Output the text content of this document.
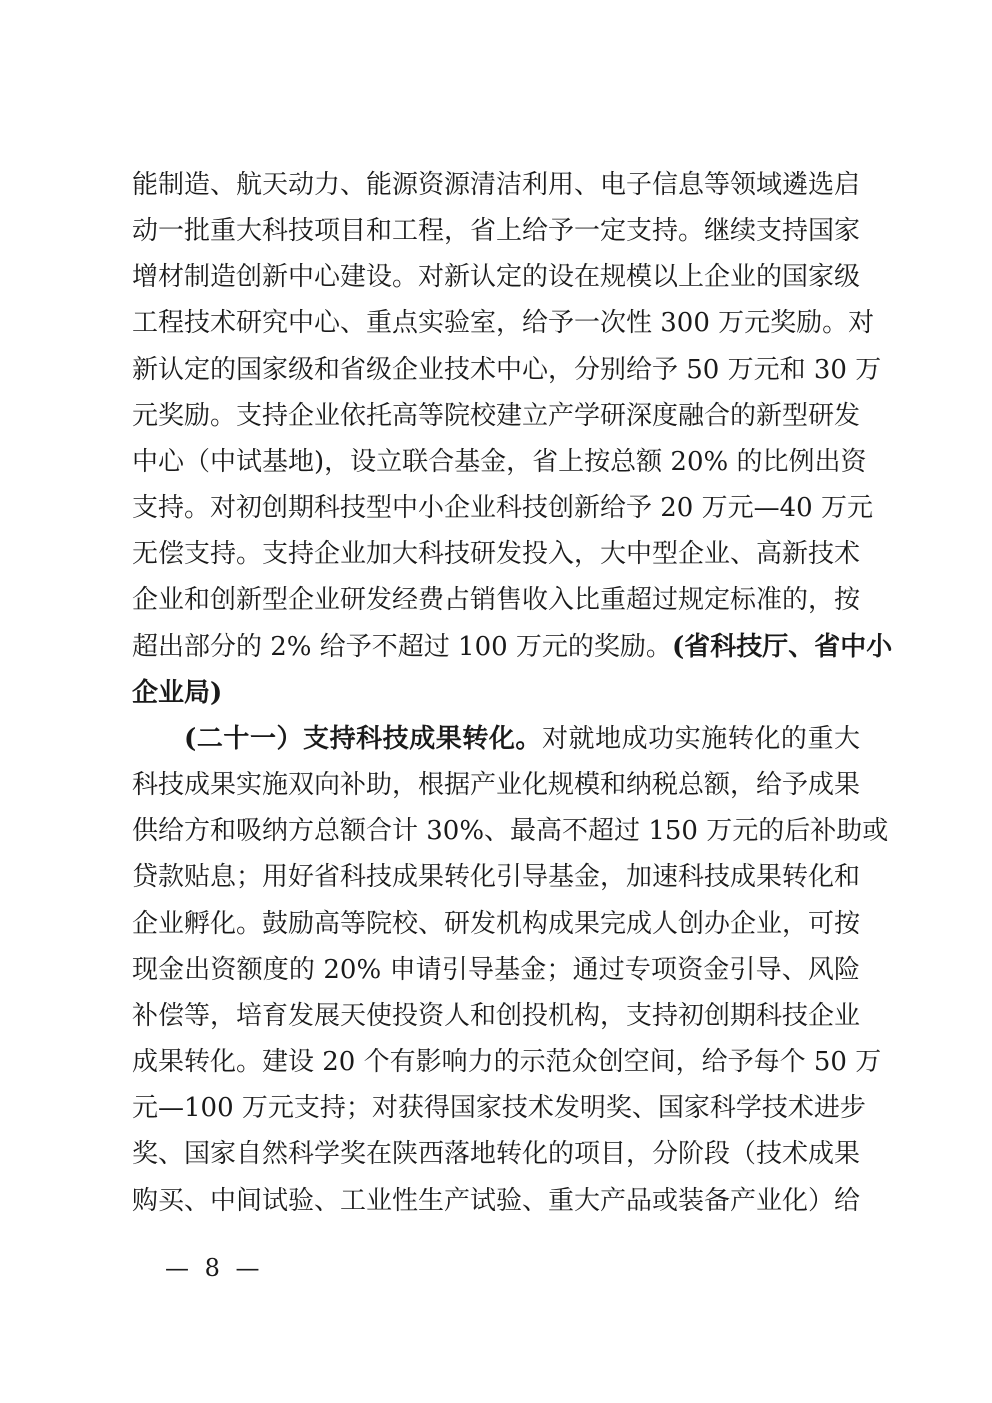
能制造、航天动力、能源资源清洁利用、电子信息等领域遴选启
动一批重大科技项目和工程，省上给予一定支持。继续支持国家
增材制造创新中心建设。对新认定的设在规模以上企业的国家级
工程技术研究中心、重点实验室，给予一次性 300 万元奖励。对
新认定的国家级和省级企业技术中心，分别给予 50 万元和 30 万
元奖励。支持企业依托高等院校建立产学研深度融合的新型研发
中心（中试基地)，设立联合基金，省上按总额 20% 的比例出资
支持。对初创期科技型中小企业科技创新给予 20 万元—40 万元
无偿支持。支持企业加大科技研发投入，大中型企业、高新技术
企业和创新型企业研发经费占销售收入比重超过规定标准的，按
超出部分的 2% 给予不超过 100 万元的奖励。(省科技厅、省中小
企业局)
(二十一）支持科技成果转化。对就地成功实施转化的重大
科技成果实施双向补助，根据产业化规模和纳税总额，给予成果
供给方和吸纳方总额合计 30%、最高不超过 150 万元的后补助或
贷款贴息；用好省科技成果转化引导基金，加速科技成果转化和
企业孵化。鼓励高等院校、研发机构成果完成人创办企业，可按
现金出资额度的 20% 申请引导基金；通过专项资金引导、风险
补偿等，培育发展天使投资人和创投机构，支持初创期科技企业
成果转化。建设 20 个有影响力的示范众创空间，给予每个 50 万
元—100 万元支持；对获得国家技术发明奖、国家科学技术进步
奖、国家自然科学奖在陕西落地转化的项目，分阶段（技术成果
购买、中间试验、工业性生产试验、重大产品或装备产业化）给
— 8 —
